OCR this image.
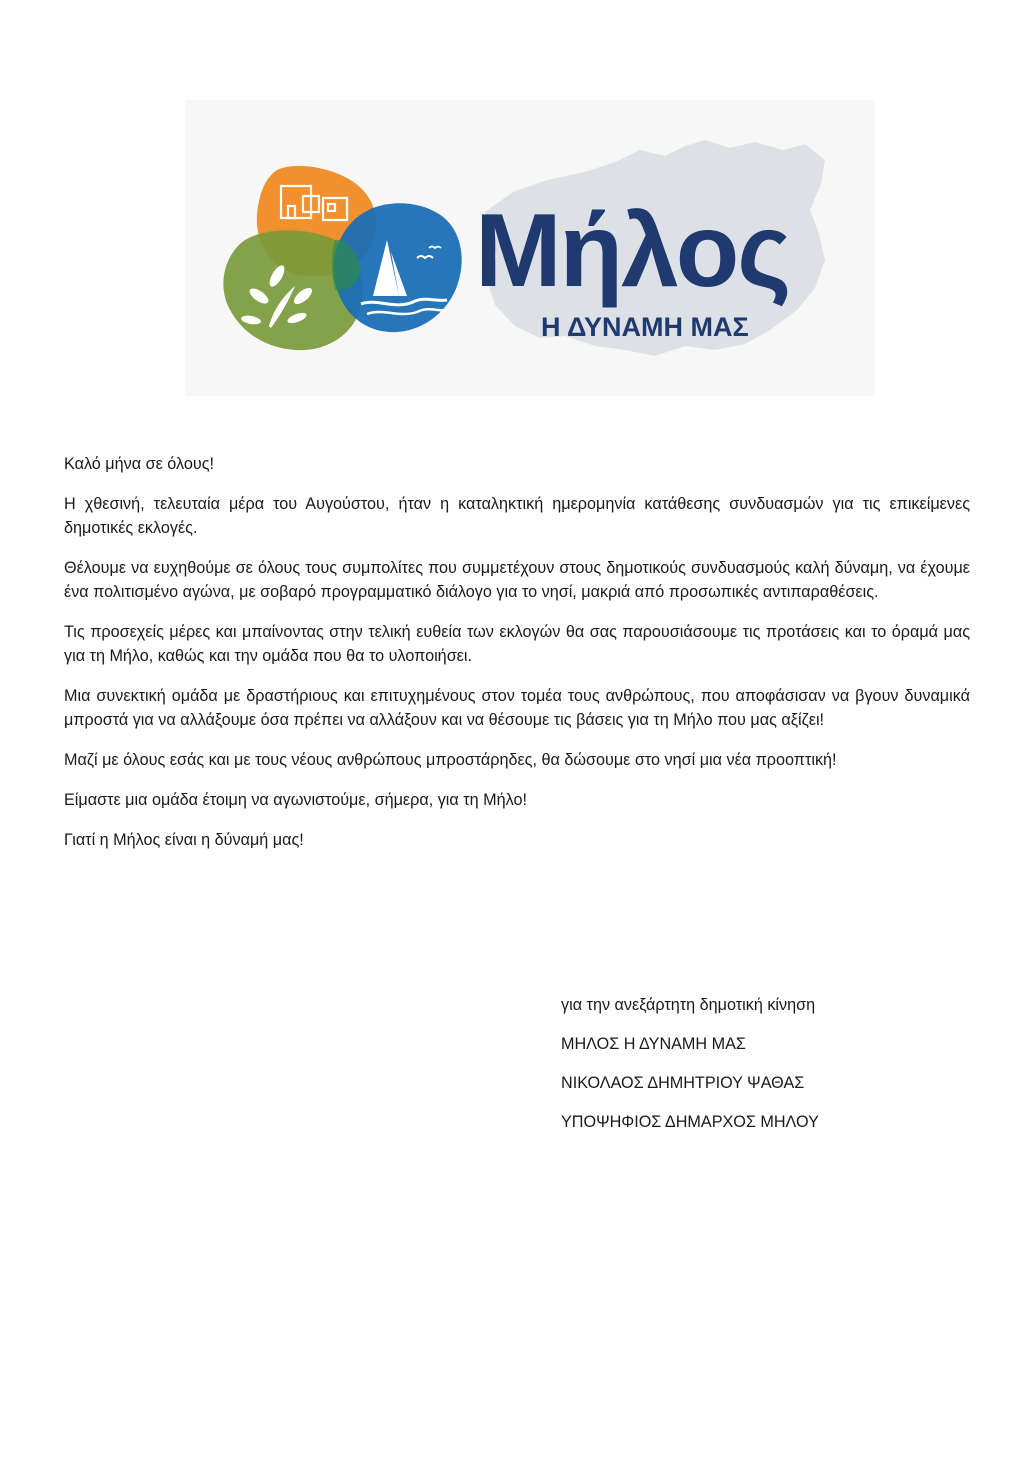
Μήλος
Η ΔΥΝΑΜΗ ΜΑΣ

Καλό μήνα σε όλους!

Η χθεσινή, τελευταία μέρα του Αυγούστου, ήταν η καταληκτική ημερομηνία κατάθεσης συνδυασμών για τις επικείμενες δημοτικές εκλογές.

Θέλουμε να ευχηθούμε σε όλους τους συμπολίτες που συμμετέχουν στους δημοτικούς συνδυασμούς καλή δύναμη, να έχουμε ένα πολιτισμένο αγώνα, με σοβαρό προγραμματικό διάλογο για το νησί, μακριά από προσωπικές αντιπαραθέσεις.

Τις προσεχείς μέρες και μπαίνοντας στην τελική ευθεία των εκλογών θα σας παρουσιάσουμε τις προτάσεις και το όραμά μας για τη Μήλο, καθώς και την ομάδα που θα το υλοποιήσει.

Μια συνεκτική ομάδα με δραστήριους και επιτυχημένους στον τομέα τους ανθρώπους, που αποφάσισαν να βγουν δυναμικά μπροστά για να αλλάξουμε όσα πρέπει να αλλάξουν και να θέσουμε τις βάσεις για τη Μήλο που μας αξίζει!

Μαζί με όλους εσάς και με τους νέους ανθρώπους μπροστάρηδες, θα δώσουμε στο νησί μια νέα προοπτική!

Είμαστε μια ομάδα έτοιμη να αγωνιστούμε, σήμερα, για τη Μήλο!

Γιατί η Μήλος είναι η δύναμή μας!

για την ανεξάρτητη δημοτική κίνηση

ΜΗΛΟΣ Η ΔΥΝΑΜΗ ΜΑΣ

ΝΙΚΟΛΑΟΣ ΔΗΜΗΤΡΙΟΥ ΨΑΘΑΣ

ΥΠΟΨΗΦΙΟΣ ΔΗΜΑΡΧΟΣ ΜΗΛΟΥ
